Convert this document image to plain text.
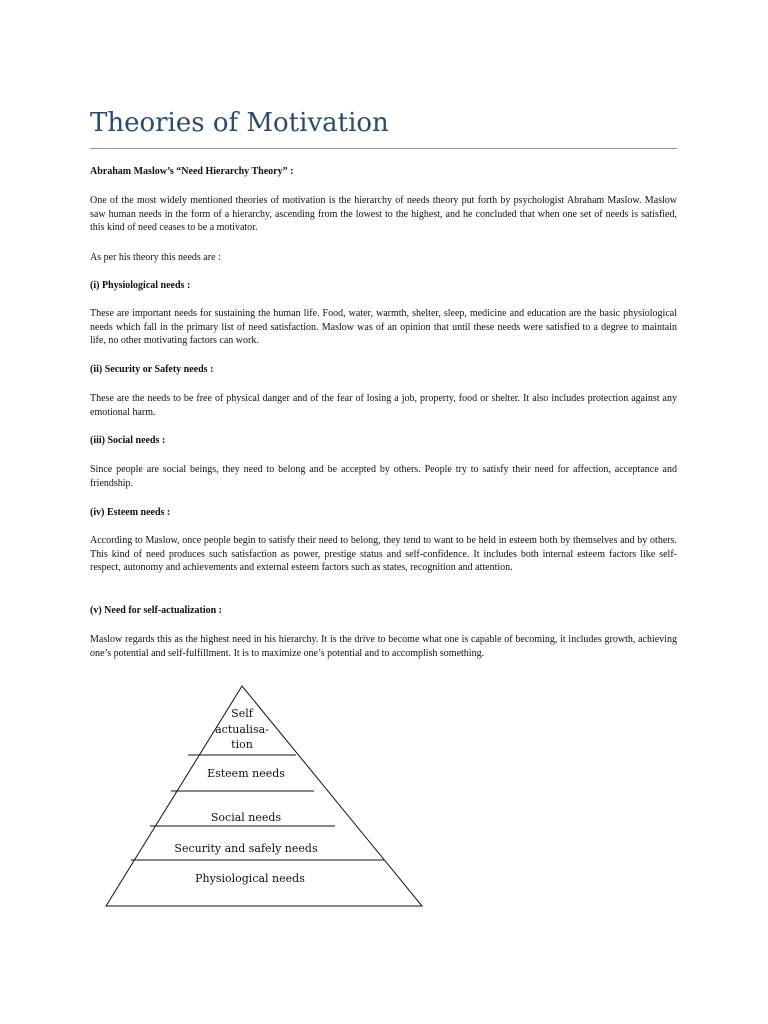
Theories of Motivation

Abraham Maslow’s “Need Hierarchy Theory” :

One of the most widely mentioned theories of motivation is the hierarchy of needs theory put forth by psychologist Abraham Maslow. Maslow saw human needs in the form of a hierarchy, ascending from the lowest to the highest, and he concluded that when one set of needs is satisfied, this kind of need ceases to be a motivator.

As per his theory this needs are :

(i) Physiological needs :

These are important needs for sustaining the human life. Food, water, warmth, shelter, sleep, medicine and education are the basic physiological needs which fall in the primary list of need satisfaction. Maslow was of an opinion that until these needs were satisfied to a degree to maintain life, no other motivating factors can work.

(ii) Security or Safety needs :

These are the needs to be free of physical danger and of the fear of losing a job, property, food or shelter. It also includes protection against any emotional harm.

(iii) Social needs :

Since people are social beings, they need to belong and be accepted by others. People try to satisfy their need for affection, acceptance and friendship.

(iv) Esteem needs :

According to Maslow, once people begin to satisfy their need to belong, they tend to want to be held in esteem both by themselves and by others. This kind of need produces such satisfaction as power, prestige status and self-confidence. It includes both internal esteem factors like self-respect, autonomy and achievements and external esteem factors such as states, recognition and attention.

(v) Need for self-actualization :

Maslow regards this as the highest need in his hierarchy. It is the drive to become what one is capable of becoming, it includes growth, achieving one’s potential and self-fulfillment. It is to maximize one’s potential and to accomplish something.

Self
actualisa-
tion
Esteem needs
Social needs
Security and safely needs
Physiological needs
